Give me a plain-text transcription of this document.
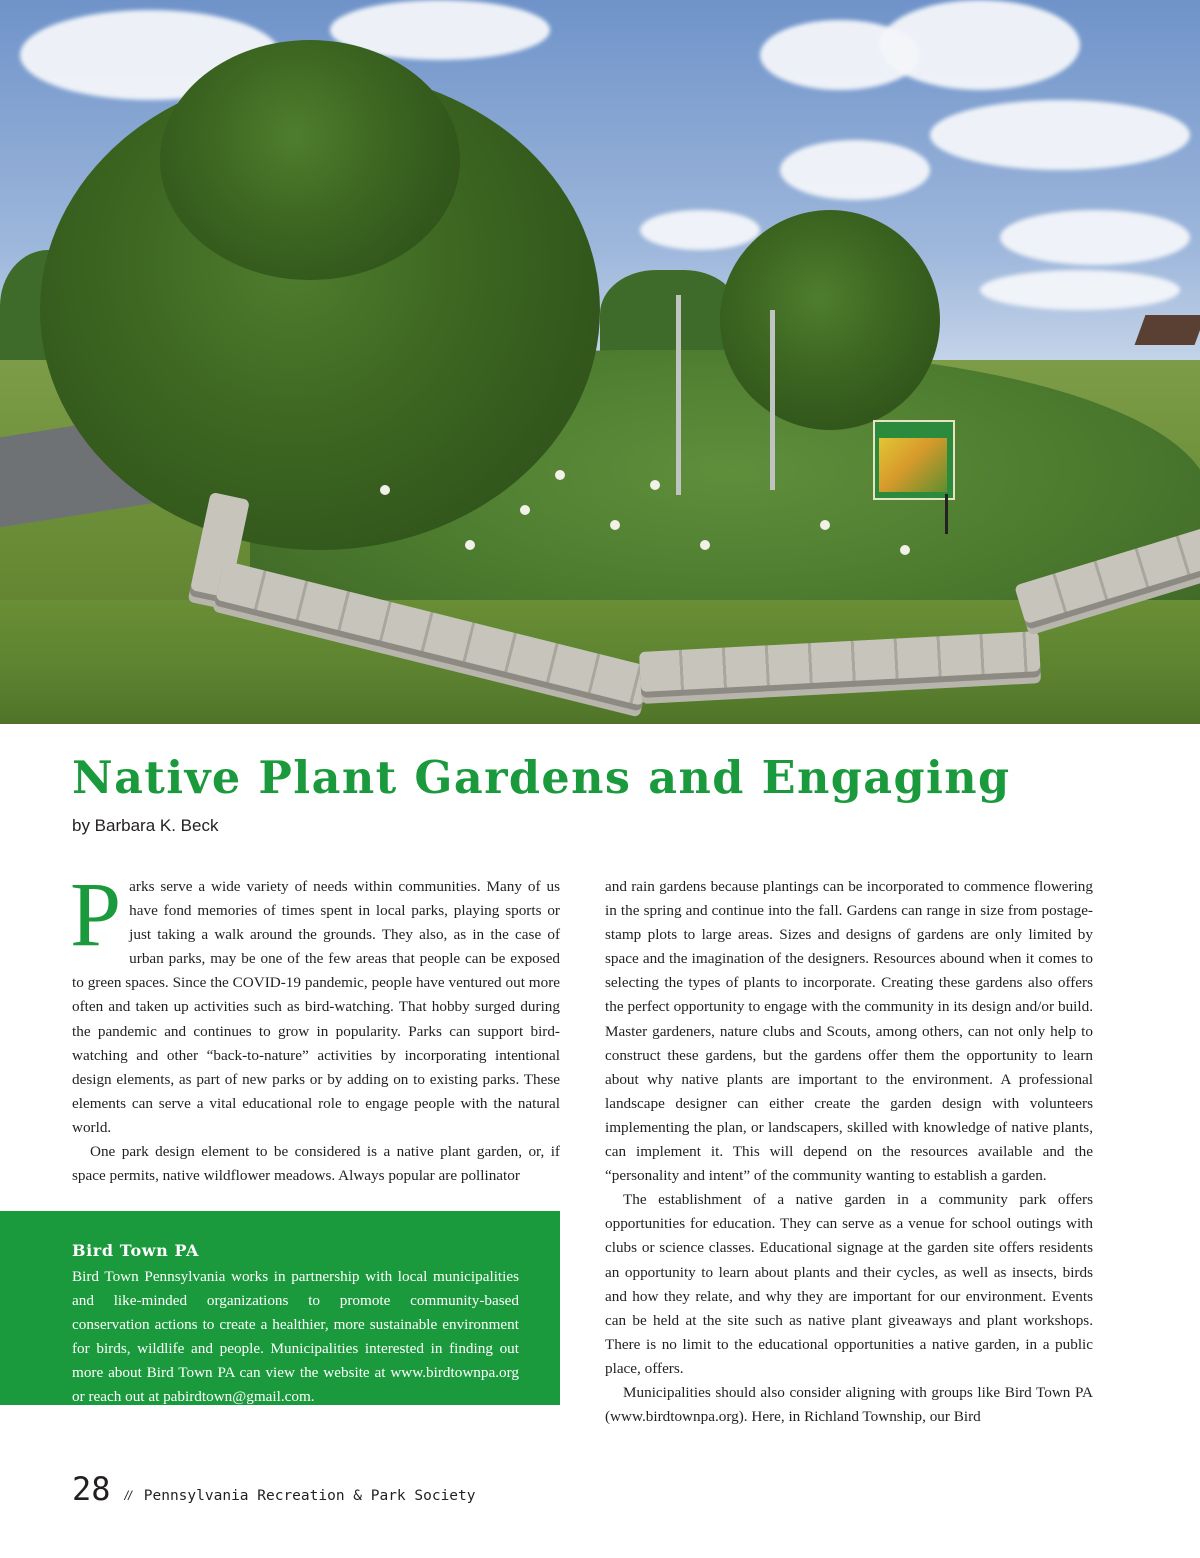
Native Plant Gardens and Engaging

by Barbara K. Beck

Parks serve a wide variety of needs within communities. Many of us have fond memories of times spent in local parks, playing sports or just taking a walk around the grounds. They also, as in the case of urban parks, may be one of the few areas that people can be exposed to green spaces. Since the COVID-19 pandemic, people have ventured out more often and taken up activities such as bird-watching. That hobby surged during the pandemic and continues to grow in popularity. Parks can support bird-watching and other “back-to-nature” activities by incorporating intentional design elements, as part of new parks or by adding on to existing parks. These elements can serve a vital educational role to engage people with the natural world.

One park design element to be considered is a native plant garden, or, if space permits, native wildflower meadows. Always popular are pollinator

and rain gardens because plantings can be incorporated to commence flowering in the spring and continue into the fall. Gardens can range in size from postage-stamp plots to large areas. Sizes and designs of gardens are only limited by space and the imagination of the designers. Resources abound when it comes to selecting the types of plants to incorporate. Creating these gardens also offers the perfect opportunity to engage with the community in its design and/or build. Master gardeners, nature clubs and Scouts, among others, can not only help to construct these gardens, but the gardens offer them the opportunity to learn about why native plants are important to the environment. A professional landscape designer can either create the garden design with volunteers implementing the plan, or landscapers, skilled with knowledge of native plants, can implement it. This will depend on the resources available and the “personality and intent” of the community wanting to establish a garden.

The establishment of a native garden in a community park offers opportunities for education. They can serve as a venue for school outings with clubs or science classes. Educational signage at the garden site offers residents an opportunity to learn about plants and their cycles, as well as insects, birds and how they relate, and why they are important for our environment. Events can be held at the site such as native plant giveaways and plant workshops. There is no limit to the educational opportunities a native garden, in a public place, offers.

Municipalities should also consider aligning with groups like Bird Town PA (www.birdtownpa.org). Here, in Richland Township, our Bird

Bird Town PA

Bird Town Pennsylvania works in partnership with local municipalities and like-minded organizations to promote community-based conservation actions to create a healthier, more sustainable environment for birds, wildlife and people. Municipalities interested in finding out more about Bird Town PA can view the website at www.birdtownpa.org or reach out at pabirdtown@gmail.com.

28 // Pennsylvania Recreation & Park Society
